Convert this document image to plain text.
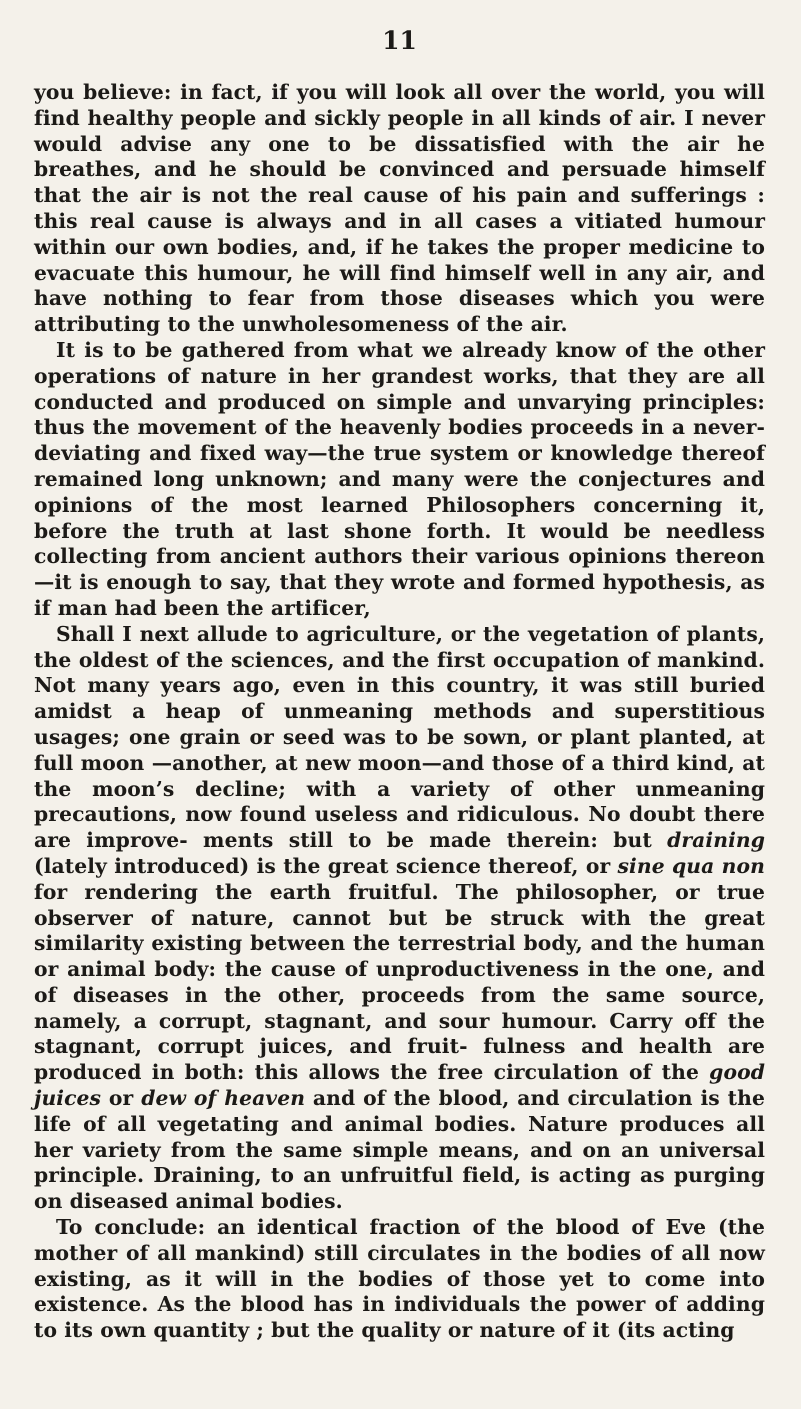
11

you believe: in fact, if you will look all over the world, you will find healthy people and sickly people in all kinds of air. I never would advise any one to be dissatisfied with the air he breathes, and he should be convinced and persuade himself that the air is not the real cause of his pain and sufferings : this real cause is always and in all cases a vitiated humour within our own bodies, and, if he takes the proper medicine to evacuate this humour, he will find himself well in any air, and have nothing to fear from those diseases which you were attributing to the unwholesomeness of the air.

It is to be gathered from what we already know of the other operations of nature in her grandest works, that they are all conducted and produced on simple and unvarying principles: thus the movement of the heavenly bodies proceeds in a never-deviating and fixed way—the true system or knowledge thereof remained long unknown; and many were the conjectures and opinions of the most learned Philosophers concerning it, before the truth at last shone forth. It would be needless collecting from ancient authors their various opinions thereon—it is enough to say, that they wrote and formed hypothesis, as if man had been the artificer,

Shall I next allude to agriculture, or the vegetation of plants, the oldest of the sciences, and the first occupation of mankind. Not many years ago, even in this country, it was still buried amidst a heap of unmeaning methods and superstitious usages; one grain or seed was to be sown, or plant planted, at full moon —another, at new moon—and those of a third kind, at the moon’s decline; with a variety of other unmeaning precautions, now found useless and ridiculous. No doubt there are improve- ments still to be made therein: but draining (lately introduced) is the great science thereof, or sine qua non for rendering the earth fruitful. The philosopher, or true observer of nature, cannot but be struck with the great similarity existing between the terrestrial body, and the human or animal body: the cause of unproductiveness in the one, and of diseases in the other, proceeds from the same source, namely, a corrupt, stagnant, and sour humour. Carry off the stagnant, corrupt juices, and fruit- fulness and health are produced in both: this allows the free circulation of the good juices or dew of heaven and of the blood, and circulation is the life of all vegetating and animal bodies. Nature produces all her variety from the same simple means, and on an universal principle. Draining, to an unfruitful field, is acting as purging on diseased animal bodies.

To conclude: an identical fraction of the blood of Eve (the mother of all mankind) still circulates in the bodies of all now existing, as it will in the bodies of those yet to come into existence. As the blood has in individuals the power of adding to its own quantity ; but the quality or nature of it (its acting
